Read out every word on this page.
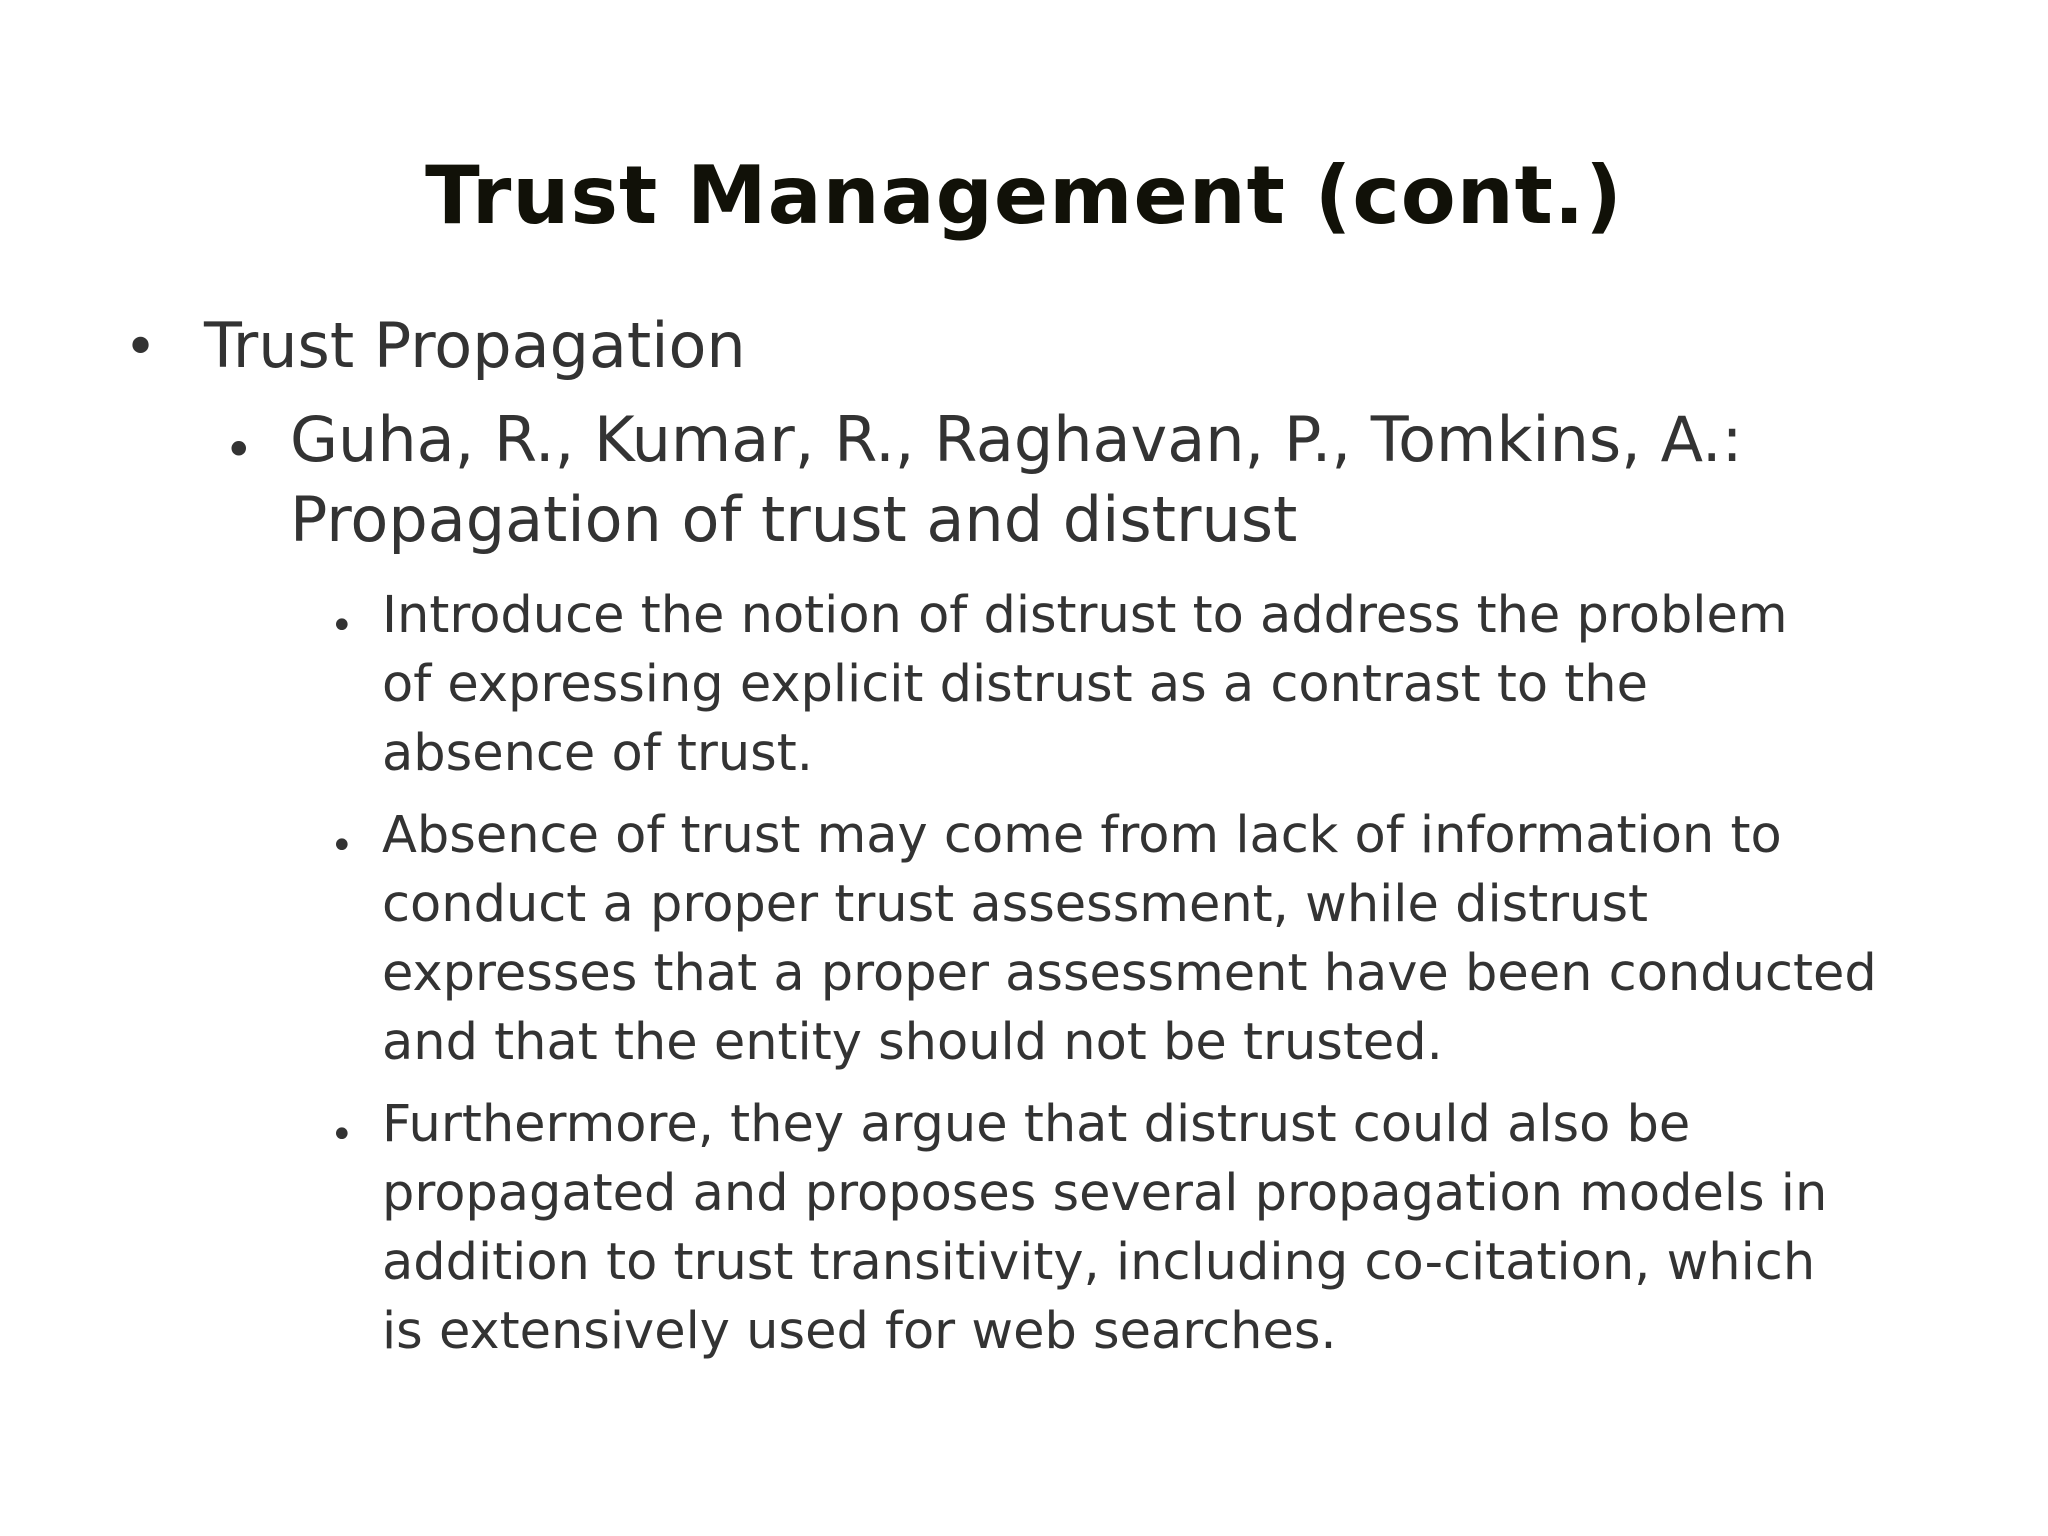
Trust Management (cont.)
• Trust Propagation
• Guha, R., Kumar, R., Raghavan, P., Tomkins, A.:
Propagation of trust and distrust
• Introduce the notion of distrust to address the problem
of expressing explicit distrust as a contrast to the
absence of trust.
• Absence of trust may come from lack of information to
conduct a proper trust assessment, while distrust
expresses that a proper assessment have been conducted
and that the entity should not be trusted.
• Furthermore, they argue that distrust could also be
propagated and proposes several propagation models in
addition to trust transitivity, including co-citation, which
is extensively used for web searches.
